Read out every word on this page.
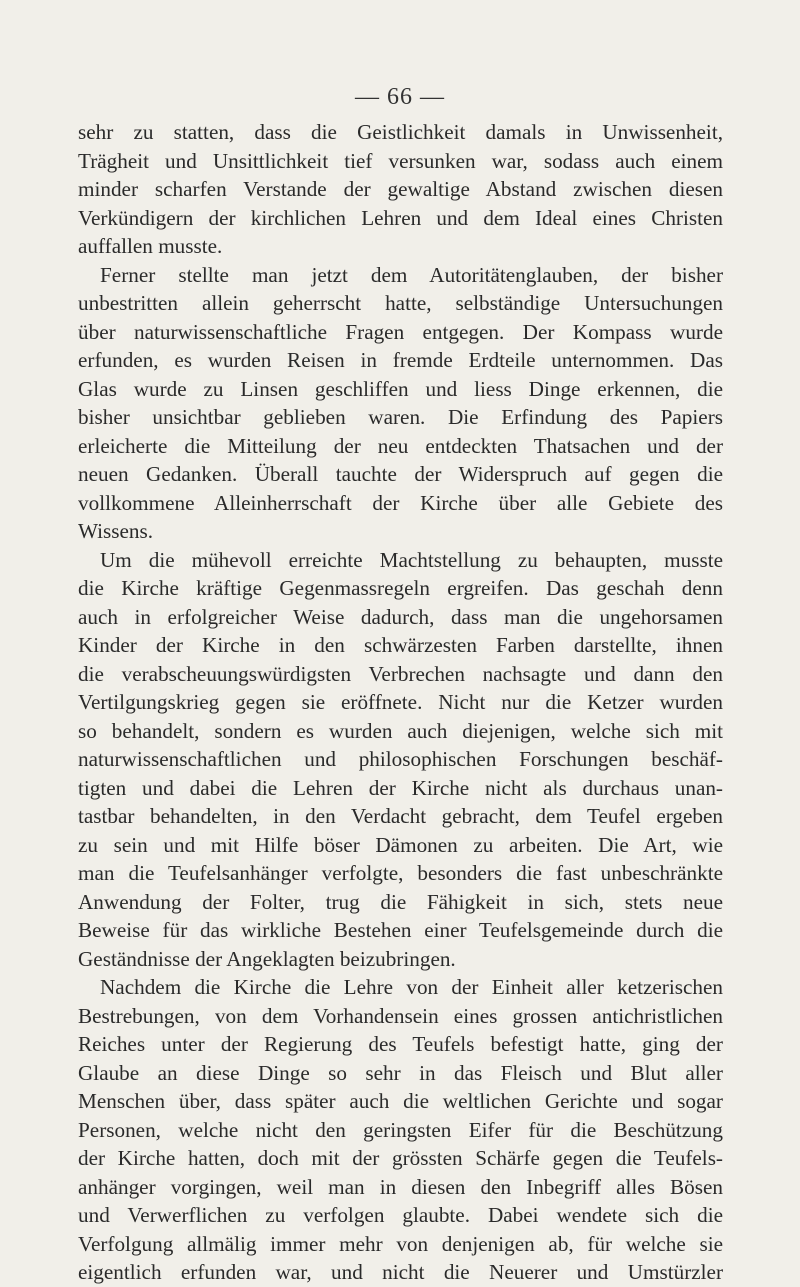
— 66 —
sehr zu statten, dass die Geistlichkeit damals in Unwissenheit,
Trägheit und Unsittlichkeit tief versunken war, sodass auch einem
minder scharfen Verstande der gewaltige Abstand zwischen diesen
Verkündigern der kirchlichen Lehren und dem Ideal eines Christen
auffallen musste.
Ferner stellte man jetzt dem Autoritätenglauben, der bisher
unbestritten allein geherrscht hatte, selbständige Untersuchungen
über naturwissenschaftliche Fragen entgegen. Der Kompass wurde
erfunden, es wurden Reisen in fremde Erdteile unternommen. Das
Glas wurde zu Linsen geschliffen und liess Dinge erkennen, die
bisher unsichtbar geblieben waren. Die Erfindung des Papiers
erleicherte die Mitteilung der neu entdeckten Thatsachen und der
neuen Gedanken. Überall tauchte der Widerspruch auf gegen die
vollkommene Alleinherrschaft der Kirche über alle Gebiete des
Wissens.
Um die mühevoll erreichte Machtstellung zu behaupten, musste
die Kirche kräftige Gegenmassregeln ergreifen. Das geschah denn
auch in erfolgreicher Weise dadurch, dass man die ungehorsamen
Kinder der Kirche in den schwärzesten Farben darstellte, ihnen
die verabscheuungswürdigsten Verbrechen nachsagte und dann den
Vertilgungskrieg gegen sie eröffnete. Nicht nur die Ketzer wurden
so behandelt, sondern es wurden auch diejenigen, welche sich mit
naturwissenschaftlichen und philosophischen Forschungen beschäf-
tigten und dabei die Lehren der Kirche nicht als durchaus unan-
tastbar behandelten, in den Verdacht gebracht, dem Teufel ergeben
zu sein und mit Hilfe böser Dämonen zu arbeiten. Die Art, wie
man die Teufelsanhänger verfolgte, besonders die fast unbeschränkte
Anwendung der Folter, trug die Fähigkeit in sich, stets neue
Beweise für das wirkliche Bestehen einer Teufelsgemeinde durch die
Geständnisse der Angeklagten beizubringen.
Nachdem die Kirche die Lehre von der Einheit aller ketzerischen
Bestrebungen, von dem Vorhandensein eines grossen antichristlichen
Reiches unter der Regierung des Teufels befestigt hatte, ging der
Glaube an diese Dinge so sehr in das Fleisch und Blut aller
Menschen über, dass später auch die weltlichen Gerichte und sogar
Personen, welche nicht den geringsten Eifer für die Beschützung
der Kirche hatten, doch mit der grössten Schärfe gegen die Teufels-
anhänger vorgingen, weil man in diesen den Inbegriff alles Bösen
und Verwerflichen zu verfolgen glaubte. Dabei wendete sich die
Verfolgung allmälig immer mehr von denjenigen ab, für welche sie
eigentlich erfunden war, und nicht die Neuerer und Umstürzler
